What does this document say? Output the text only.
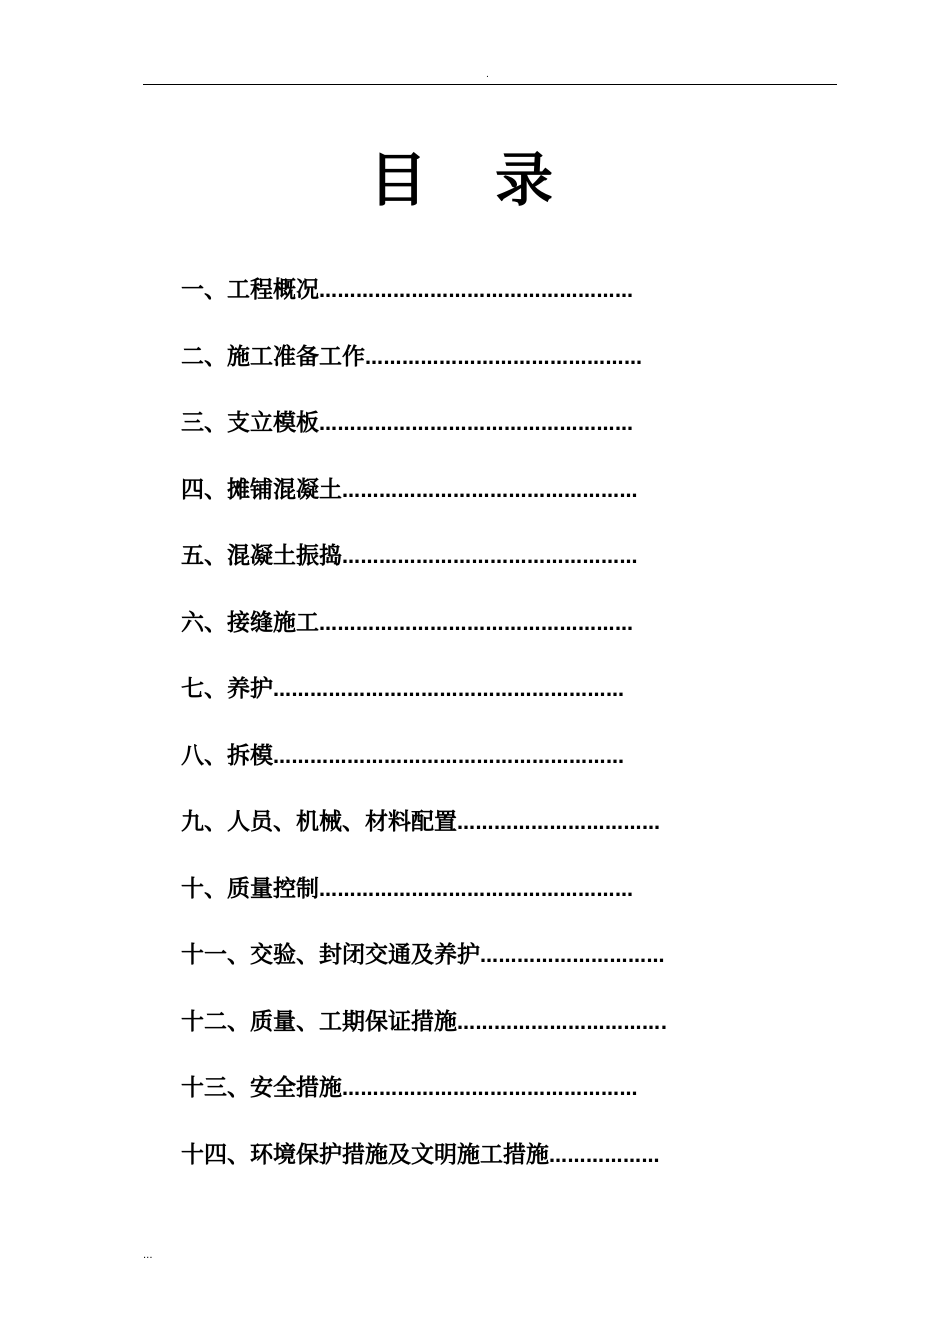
.
目录
一、工程概况 ……………………………………………
二、施工准备工作 ………………………………………
三、支立模板 ……………………………………………
四、摊铺混凝土 …………………………………………
五、混凝土振捣 …………………………………………
六、接缝施工 ……………………………………………
七、养护 …………………………………………………
八、拆模 …………………………………………………
九、人员、机械、材料配置 ……………………………
十、质量控制 ……………………………………………
十一、交验、封闭交通及养护 …………………………
十二、质量、工期保证措施 …………………………….
十三、安全措施 …………………………………………
十四、环境保护措施及文明施工措施 ………………
...
